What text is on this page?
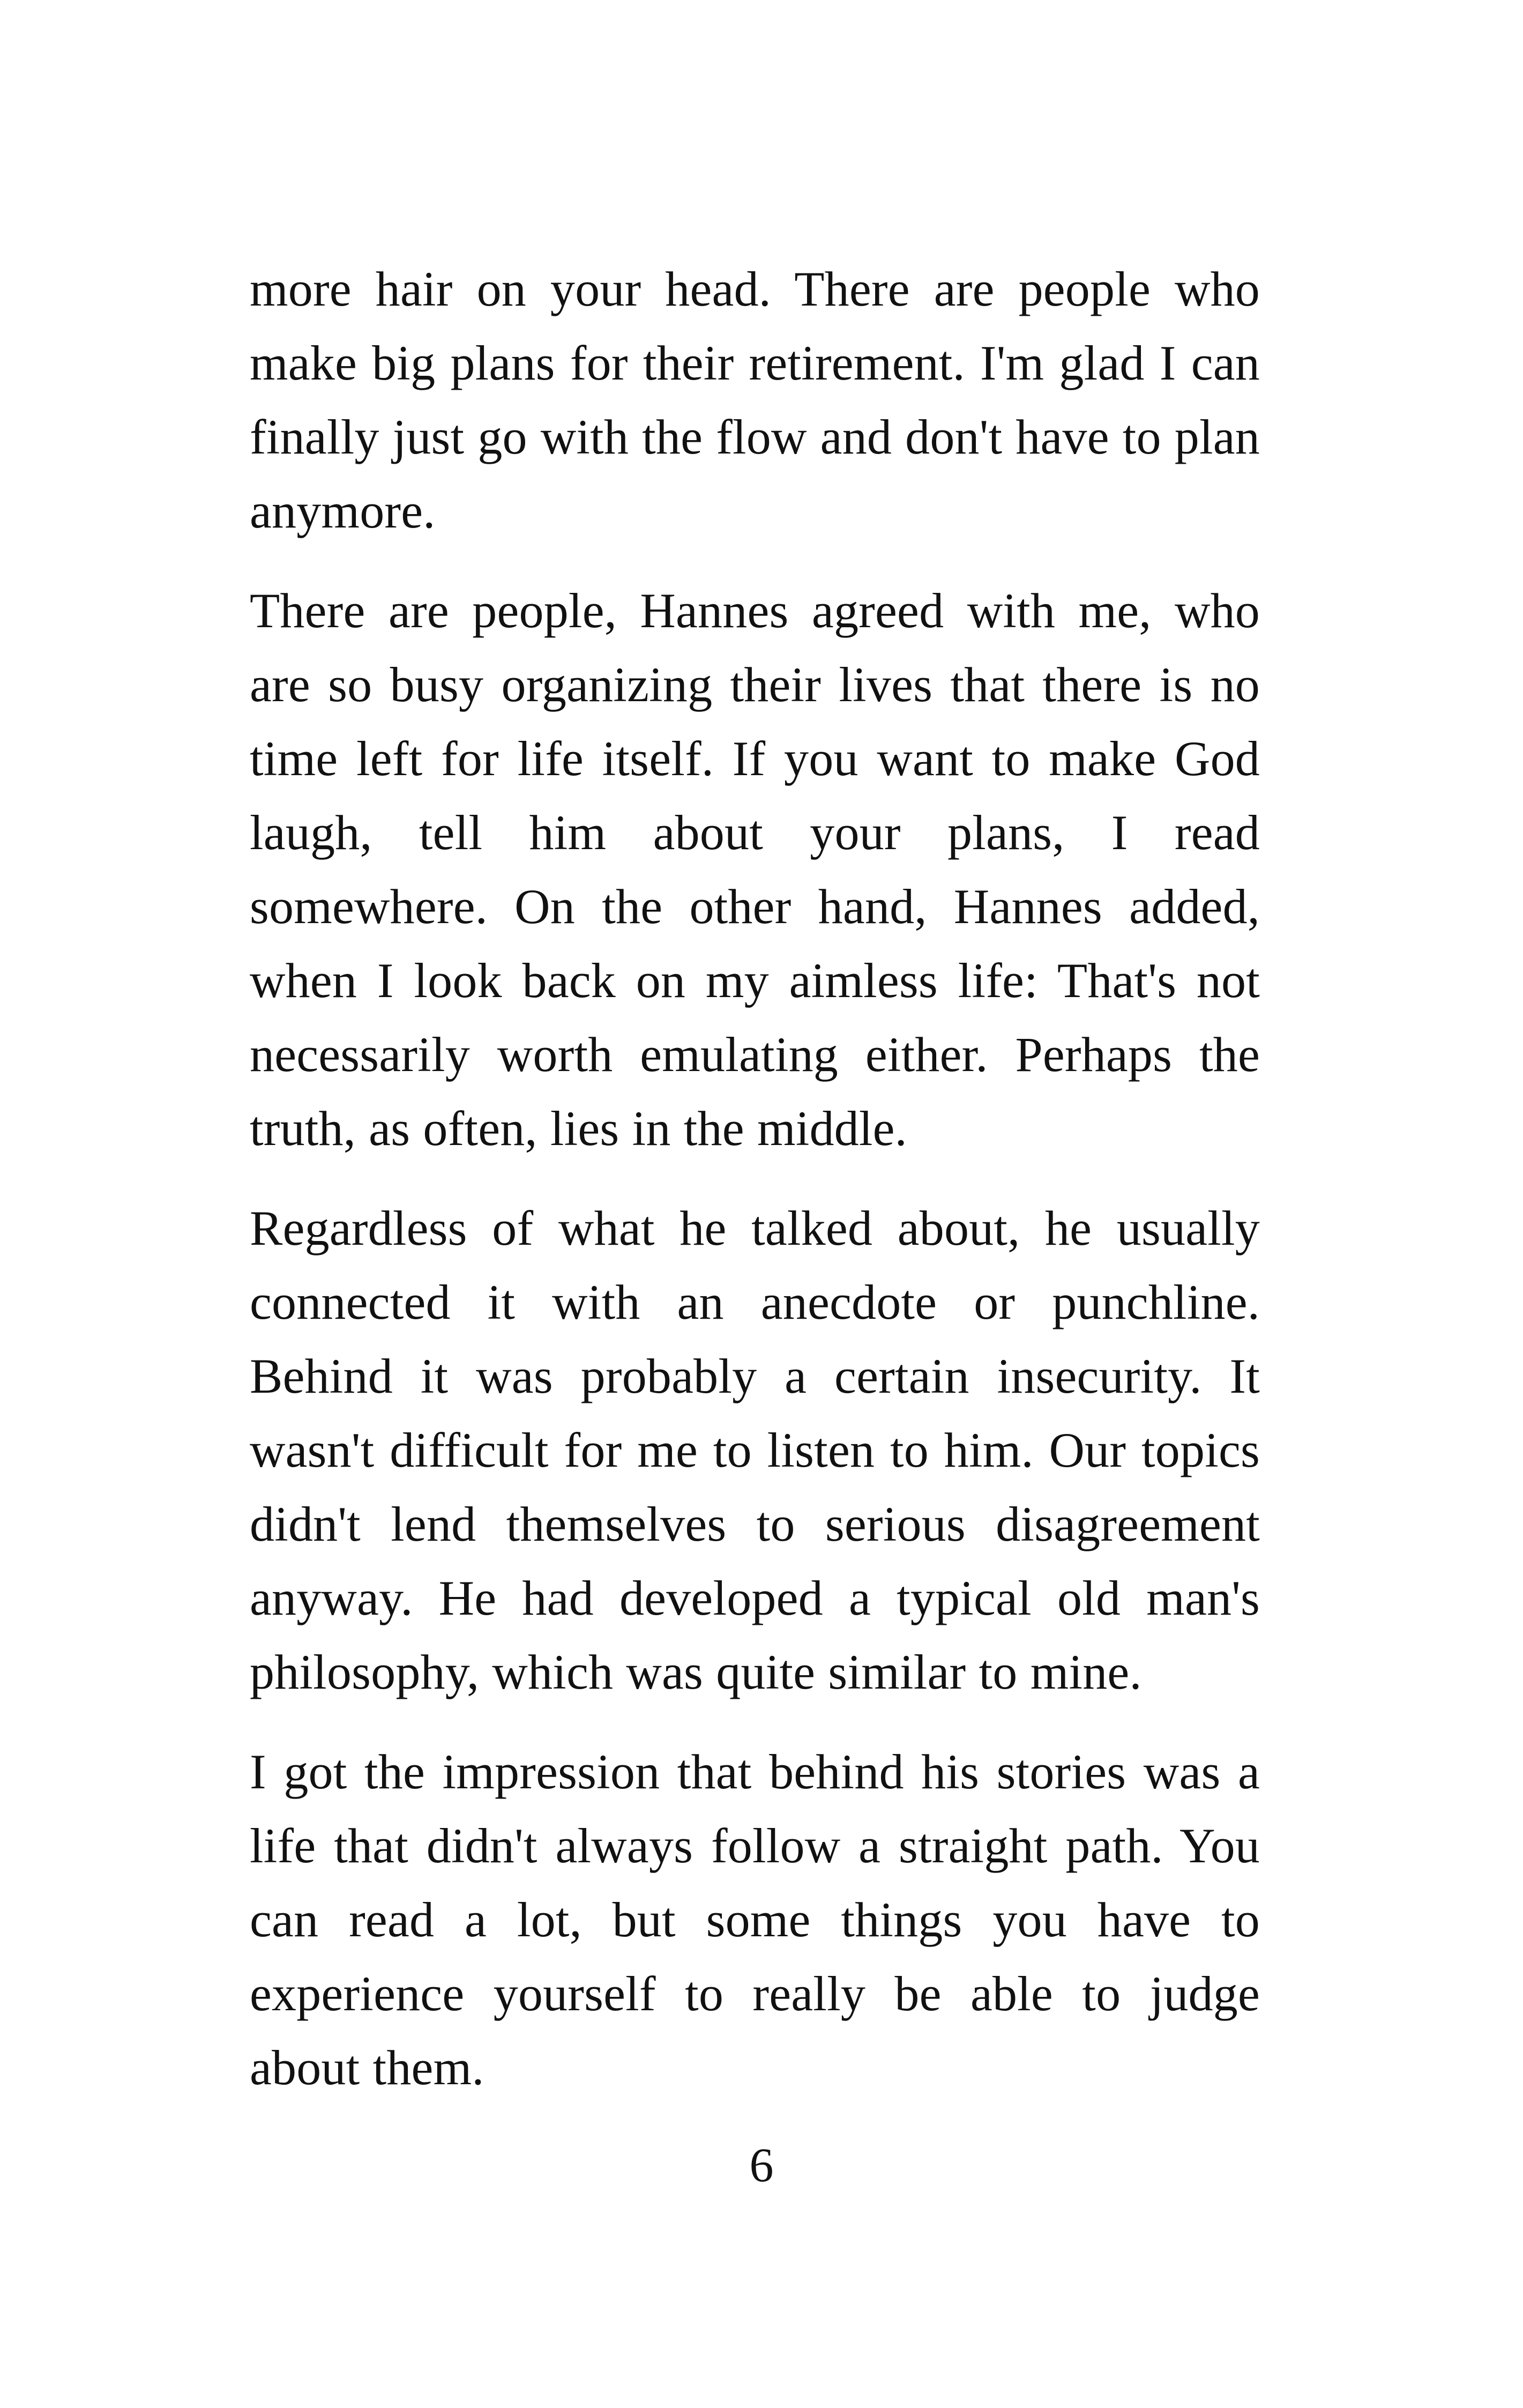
more hair on your head. There are people who make big plans for their retirement. I'm glad I can finally just go with the flow and don't have to plan anymore.

There are people, Hannes agreed with me, who are so busy organizing their lives that there is no time left for life itself. If you want to make God laugh, tell him about your plans, I read somewhere. On the other hand, Hannes added, when I look back on my aimless life: That's not necessarily worth emulating either. Perhaps the truth, as often, lies in the middle.

Regardless of what he talked about, he usually connected it with an anecdote or punchline. Behind it was probably a certain insecurity. It wasn't difficult for me to listen to him. Our topics didn't lend themselves to serious disagreement anyway. He had developed a typical old man's philosophy, which was quite similar to mine.

I got the impression that behind his stories was a life that didn't always follow a straight path. You can read a lot, but some things you have to experience yourself to really be able to judge about them.

6
